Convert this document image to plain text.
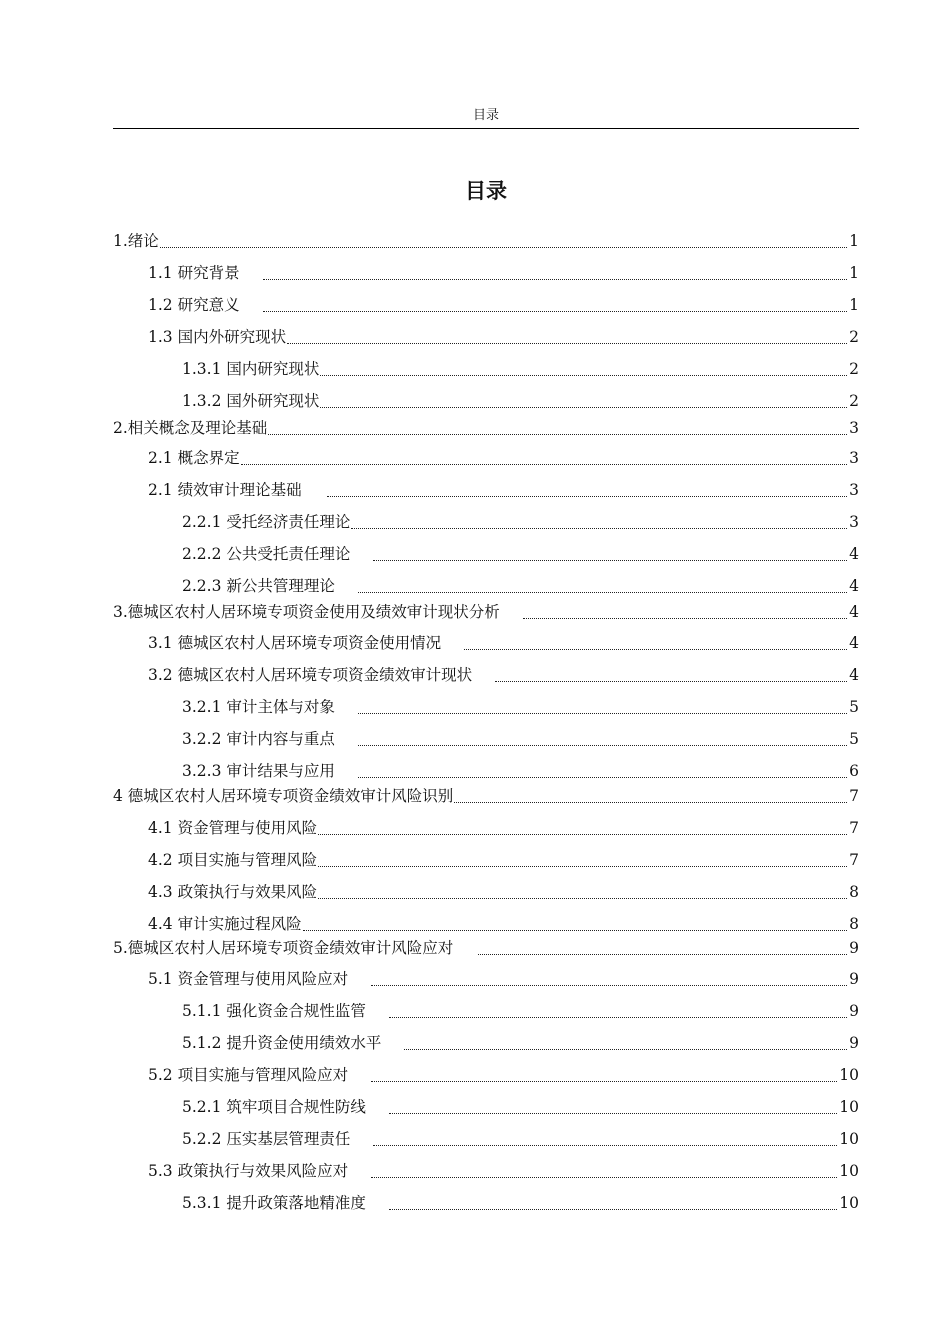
目录
目录
1.绪论	1
1.1 研究背景	1
1.2 研究意义	1
1.3 国内外研究现状	2
1.3.1 国内研究现状	2
1.3.2 国外研究现状	2
2.相关概念及理论基础	3
2.1 概念界定	3
2.1 绩效审计理论基础	3
2.2.1 受托经济责任理论	3
2.2.2 公共受托责任理论	4
2.2.3 新公共管理理论	4
3.德城区农村人居环境专项资金使用及绩效审计现状分析	4
3.1 德城区农村人居环境专项资金使用情况	4
3.2 德城区农村人居环境专项资金绩效审计现状	4
3.2.1 审计主体与对象	5
3.2.2 审计内容与重点	5
3.2.3 审计结果与应用	6
4 德城区农村人居环境专项资金绩效审计风险识别	7
4.1 资金管理与使用风险	7
4.2 项目实施与管理风险	7
4.3 政策执行与效果风险	8
4.4 审计实施过程风险	8
5.德城区农村人居环境专项资金绩效审计风险应对	9
5.1 资金管理与使用风险应对	9
5.1.1 强化资金合规性监管	9
5.1.2 提升资金使用绩效水平	9
5.2 项目实施与管理风险应对	10
5.2.1 筑牢项目合规性防线	10
5.2.2 压实基层管理责任	10
5.3 政策执行与效果风险应对	10
5.3.1 提升政策落地精准度	10
